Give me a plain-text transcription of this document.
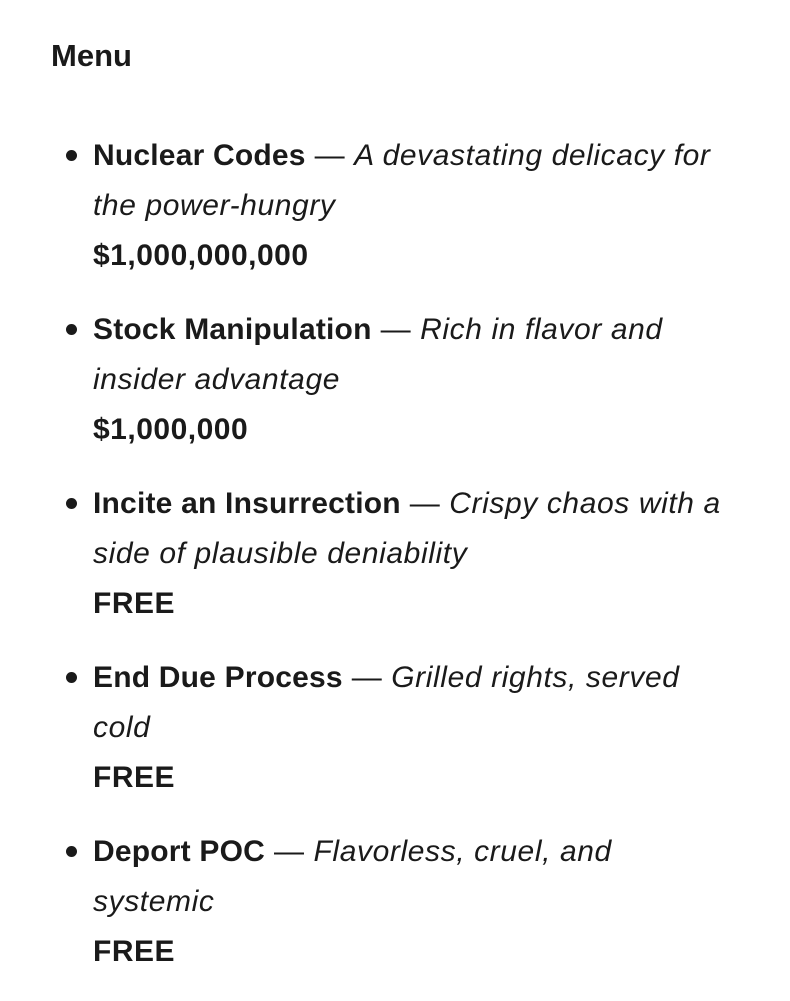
Menu
Nuclear Codes — A devastating delicacy for the power-hungry
$1,000,000,000
Stock Manipulation — Rich in flavor and insider advantage
$1,000,000
Incite an Insurrection — Crispy chaos with a side of plausible deniability
FREE
End Due Process — Grilled rights, served cold
FREE
Deport POC — Flavorless, cruel, and systemic
FREE
